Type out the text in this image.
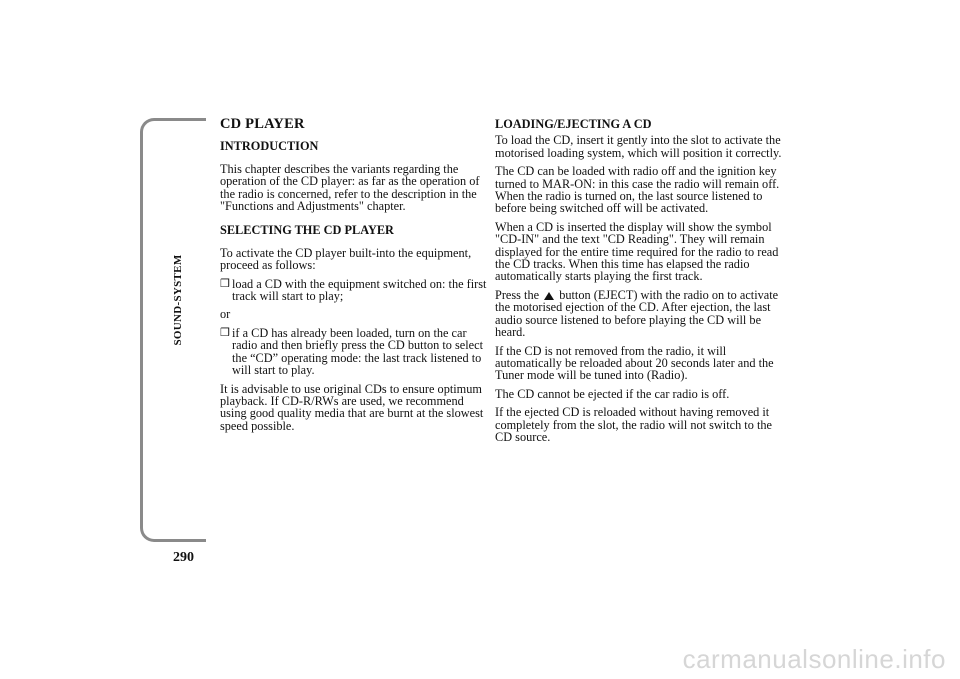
SOUND-SYSTEM
290
CD PLAYER
INTRODUCTION

This chapter describes the variants regarding the operation of the CD player: as far as the operation of the radio is concerned, refer to the description in the "Functions and Adjustments" chapter.

SELECTING THE CD PLAYER

To activate the CD player built-into the equipment, proceed as follows:

❒ load a CD with the equipment switched on: the first track will start to play;

or

❒ if a CD has already been loaded, turn on the car radio and then briefly press the CD button to select the “CD” operating mode: the last track listened to will start to play.

It is advisable to use original CDs to ensure optimum playback. If CD-R/RWs are used, we recommend using good quality media that are burnt at the slowest speed possible.

LOADING/EJECTING A CD

To load the CD, insert it gently into the slot to activate the motorised loading system, which will position it correctly.

The CD can be loaded with radio off and the ignition key turned to MAR-ON: in this case the radio will remain off. When the radio is turned on, the last source listened to before being switched off will be activated.

When a CD is inserted the display will show the symbol "CD-IN" and the text "CD Reading". They will remain displayed for the entire time required for the radio to read the CD tracks. When this time has elapsed the radio automatically starts playing the first track.

Press the button (EJECT) with the radio on to activate the motorised ejection of the CD. After ejection, the last audio source listened to before playing the CD will be heard.

If the CD is not removed from the radio, it will automatically be reloaded about 20 seconds later and the Tuner mode will be tuned into (Radio).

The CD cannot be ejected if the car radio is off.

If the ejected CD is reloaded without having removed it completely from the slot, the radio will not switch to the CD source.

carmanualsonline.info
